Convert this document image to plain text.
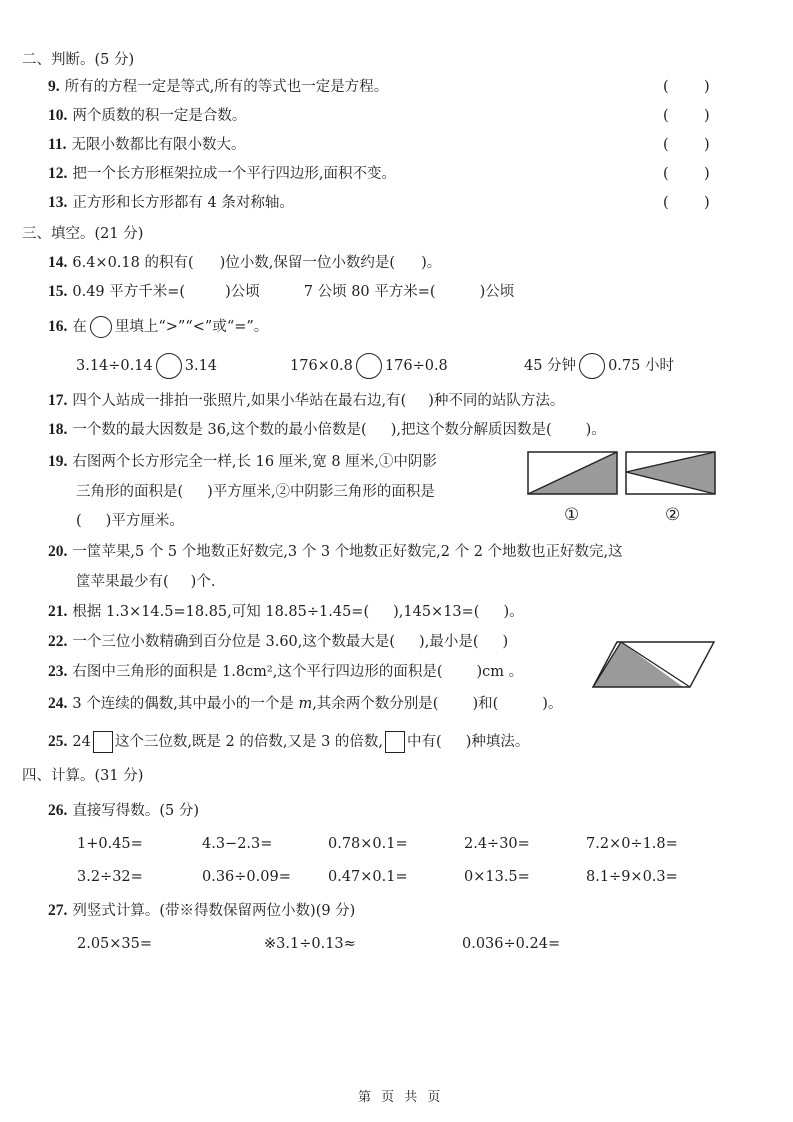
二、判断。(5 分)
9. 所有的方程一定是等式,所有的等式也一定是方程。	( )
10. 两个质数的积一定是合数。	( )
11. 无限小数都比有限小数大。	( )
12. 把一个长方形框架拉成一个平行四边形,面积不变。	( )
13. 正方形和长方形都有 4 条对称轴。	( )
三、填空。(21 分)
14. 6.4×0.18 的积有( )位小数,保留一位小数约是( )。
15. 0.49 平方千米=(	)公顷	7 公顷 80 平方米=(	)公顷
16. 在 里填上“>”“<”或“=”。
3.14÷0.14 3.14	176×0.8 176÷0.8	45 分钟 0.75 小时
17. 四个人站成一排拍一张照片,如果小华站在最右边,有( )种不同的站队方法。
18. 一个数的最大因数是 36,这个数的最小倍数是( ),把这个数分解质因数是( )。
19. 右图两个长方形完全一样,长 16 厘米,宽 8 厘米,①中阴影
三角形的面积是( )平方厘米,②中阴影三角形的面积是
( )平方厘米。	①	②
20. 一筐苹果,5 个 5 个地数正好数完,3 个 3 个地数正好数完,2 个 2 个地数也正好数完,这
筐苹果最少有( )个.
21. 根据 1.3×14.5=18.85,可知 18.85÷1.45=( ),145×13=( )。
22. 一个三位小数精确到百分位是 3.60,这个数最大是( ),最小是( )
23. 右图中三角形的面积是 1.8cm²,这个平行四边形的面积是( )cm 。
24. 3 个连续的偶数,其中最小的一个是 m,其余两个数分别是( )和(	)。
25. 24 这个三位数,既是 2 的倍数,又是 3 的倍数, 中有( )种填法。
四、计算。(31 分)
26. 直接写得数。(5 分)
1+0.45=	4.3−2.3=	0.78×0.1=	2.4÷30=	7.2×0÷1.8=
3.2÷32=	0.36÷0.09=	0.47×0.1=	0×13.5=	8.1÷9×0.3=
27. 列竖式计算。(带※得数保留两位小数)(9 分)
2.05×35=	※3.1÷0.13≈	0.036÷0.24=
第 页 共 页
